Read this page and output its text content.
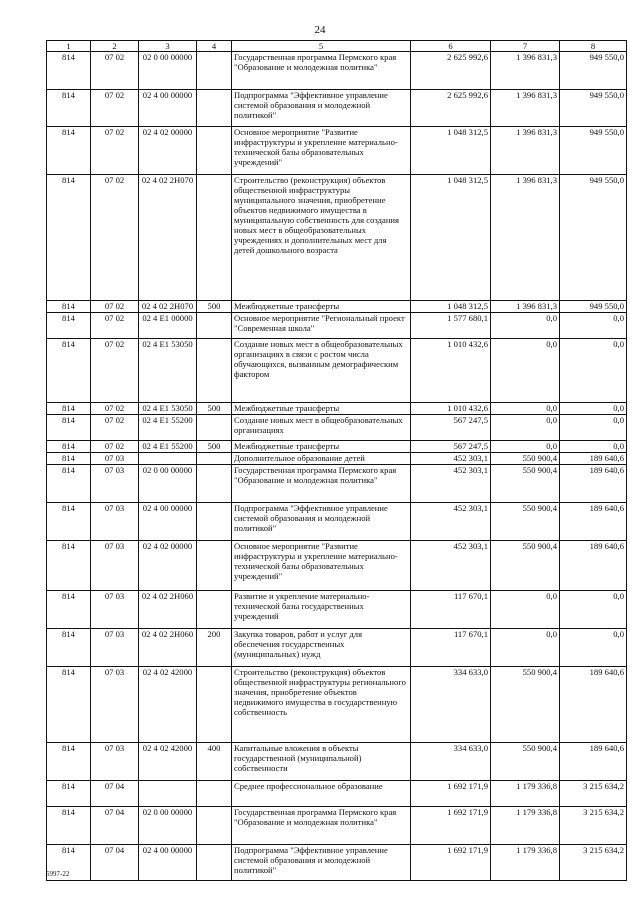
24
1	2	3	4	5	6	7	8
814	07 02	02 0 00 00000		Государственная программа Пермского края "Образование и молодежная политика"	2 625 992,6	1 396 831,3	949 550,0
814	07 02	02 4 00 00000		Подпрограмма "Эффективное управление системой образования и молодежной политикой"	2 625 992,6	1 396 831,3	949 550,0
814	07 02	02 4 02 00000		Основное мероприятие "Развитие инфраструктуры и укрепление материально-технической базы образовательных учреждений"	1 048 312,5	1 396 831,3	949 550,0
814	07 02	02 4 02 2Н070		Строительство (реконструкция) объектов общественной инфраструктуры муниципального значения, приобретение объектов недвижимого имущества в муниципальную собственность для создания новых мест в общеобразовательных учреждениях и дополнительных мест для детей дошкольного возраста	1 048 312,5	1 396 831,3	949 550,0
814	07 02	02 4 02 2Н070	500	Межбюджетные трансферты	1 048 312,5	1 396 831,3	949 550,0
814	07 02	02 4 Е1 00000		Основное мероприятие "Региональный проект "Современная школа"	1 577 680,1	0,0	0,0
814	07 02	02 4 Е1 53050		Создание новых мест в общеобразовательных организациях в связи с ростом числа обучающихся, вызванным демографическим фактором	1 010 432,6	0,0	0,0
814	07 02	02 4 Е1 53050	500	Межбюджетные трансферты	1 010 432,6	0,0	0,0
814	07 02	02 4 Е1 55200		Создание новых мест в общеобразовательных организациях	567 247,5	0,0	0,0
814	07 02	02 4 Е1 55200	500	Межбюджетные трансферты	567 247,5	0,0	0,0
814	07 03			Дополнительное образование детей	452 303,1	550 900,4	189 640,6
814	07 03	02 0 00 00000		Государственная программа Пермского края "Образование и молодежная политика"	452 303,1	550 900,4	189 640,6
814	07 03	02 4 00 00000		Подпрограмма "Эффективное управление системой образования и молодежной политикой"	452 303,1	550 900,4	189 640,6
814	07 03	02 4 02 00000		Основное мероприятие "Развитие инфраструктуры и укрепление материально-технической базы образовательных учреждений"	452 303,1	550 900,4	189 640,6
814	07 03	02 4 02 2Н060		Развитие и укрепление материально-технической базы государственных учреждений	117 670,1	0,0	0,0
814	07 03	02 4 02 2Н060	200	Закупка товаров, работ и услуг для обеспечения государственных (муниципальных) нужд	117 670,1	0,0	0,0
814	07 03	02 4 02 42000		Строительство (реконструкция) объектов общественной инфраструктуры регионального значения, приобретение объектов недвижимого имущества в государственную собственность	334 633,0	550 900,4	189 640,6
814	07 03	02 4 02 42000	400	Капитальные вложения в объекты государственной (муниципальной) собственности	334 633,0	550 900,4	189 640,6
814	07 04			Среднее профессиональное образование	1 692 171,9	1 179 336,8	3 215 634,2
814	07 04	02 0 00 00000		Государственная программа Пермского края "Образование и молодежная политика"	1 692 171,9	1 179 336,8	3 215 634,2
814	07 04	02 4 00 00000		Подпрограмма "Эффективное управление системой образования и молодежной политикой"	1 692 171,9	1 179 336,8	3 215 634,2
5997-22
